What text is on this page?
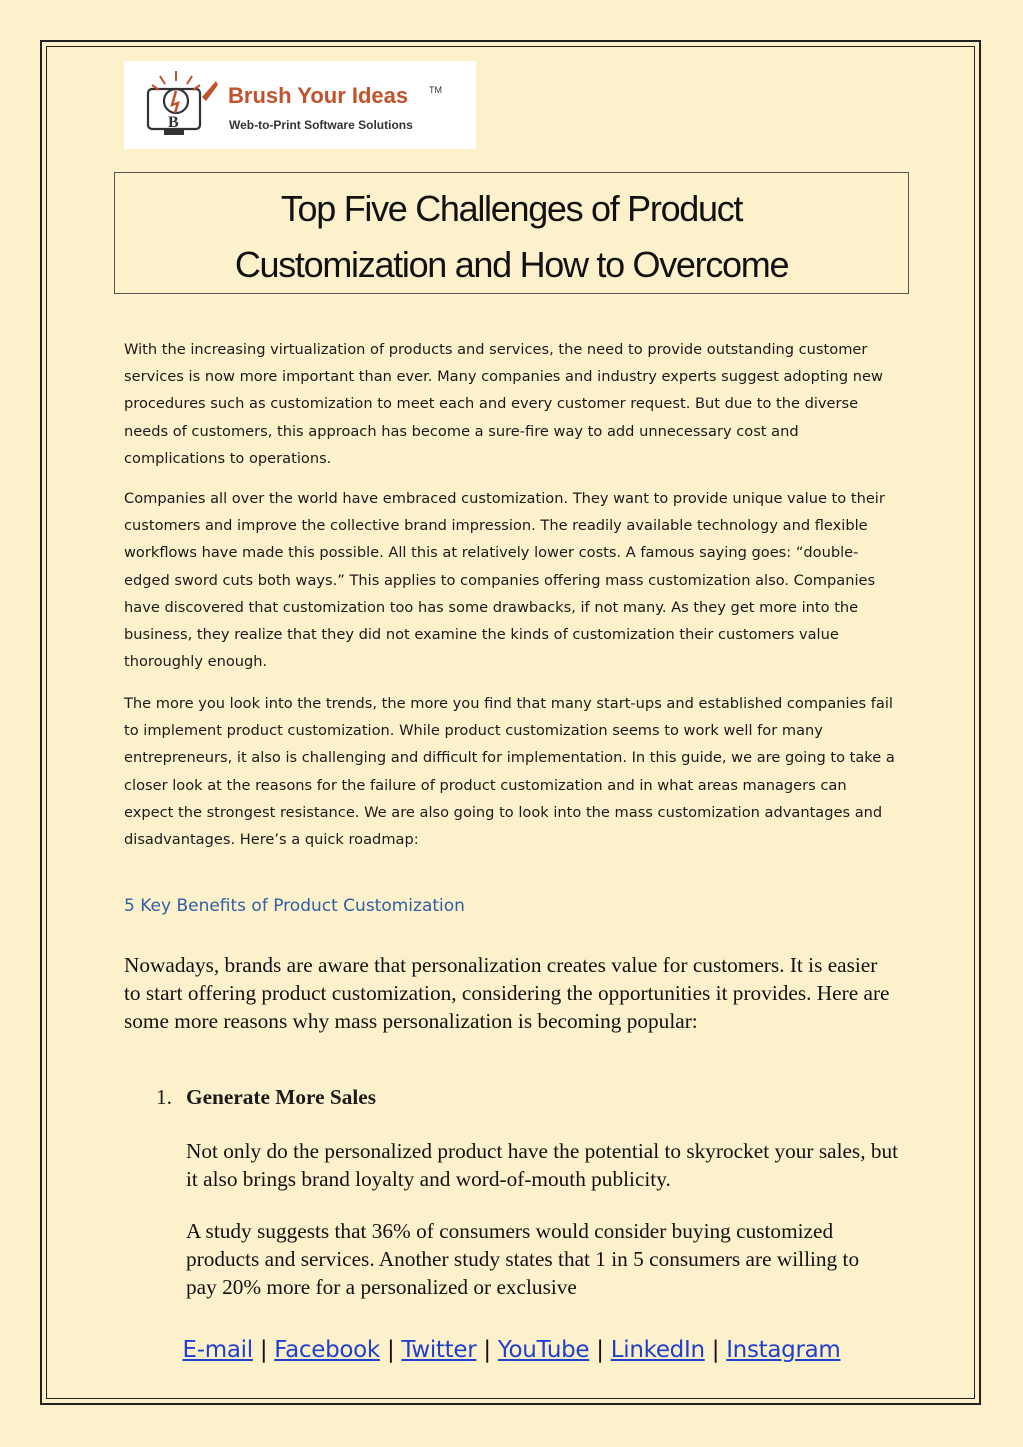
B
Brush Your Ideas TM
Web-to-Print Software Solutions
Top Five Challenges of Product
Customization and How to Overcome
With the increasing virtualization of products and services, the need to provide outstanding customer services is now more important than ever. Many companies and industry experts suggest adopting new procedures such as customization to meet each and every customer request. But due to the diverse needs of customers, this approach has become a sure-fire way to add unnecessary cost and complications to operations.
Companies all over the world have embraced customization. They want to provide unique value to their customers and improve the collective brand impression. The readily available technology and flexible workflows have made this possible. All this at relatively lower costs. A famous saying goes: “double-edged sword cuts both ways.” This applies to companies offering mass customization also. Companies have discovered that customization too has some drawbacks, if not many. As they get more into the business, they realize that they did not examine the kinds of customization their customers value thoroughly enough.
The more you look into the trends, the more you find that many start-ups and established companies fail to implement product customization. While product customization seems to work well for many entrepreneurs, it also is challenging and difficult for implementation. In this guide, we are going to take a closer look at the reasons for the failure of product customization and in what areas managers can expect the strongest resistance. We are also going to look into the mass customization advantages and disadvantages. Here’s a quick roadmap:
5 Key Benefits of Product Customization
Nowadays, brands are aware that personalization creates value for customers. It is easier to start offering product customization, considering the opportunities it provides. Here are some more reasons why mass personalization is becoming popular:
1. Generate More Sales
Not only do the personalized product have the potential to skyrocket your sales, but it also brings brand loyalty and word-of-mouth publicity.
A study suggests that 36% of consumers would consider buying customized products and services. Another study states that 1 in 5 consumers are willing to pay 20% more for a personalized or exclusive
E-mail | Facebook | Twitter | YouTube | LinkedIn | Instagram
